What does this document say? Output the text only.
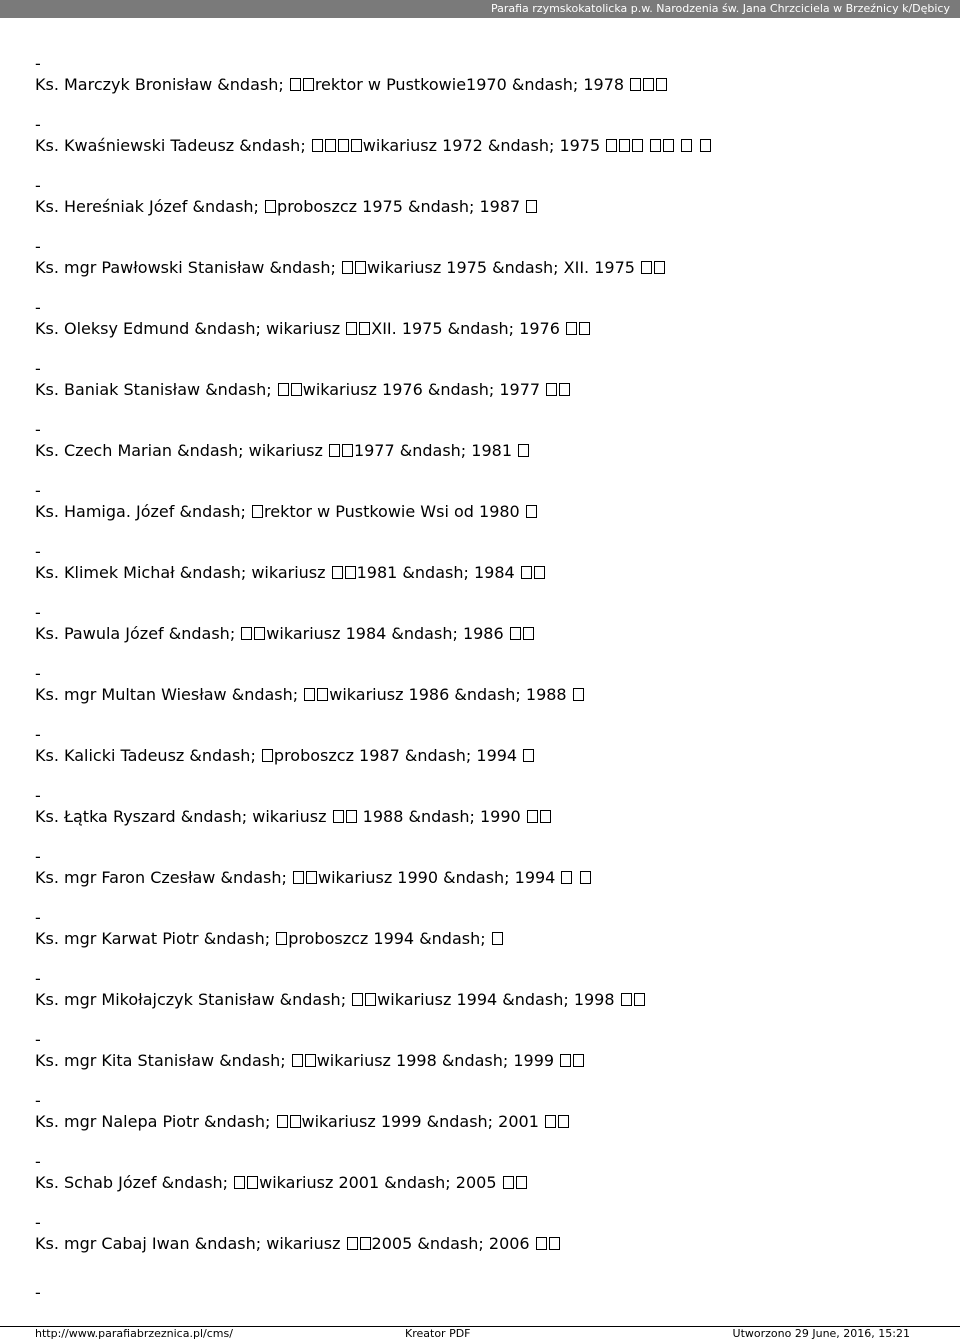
Parafia rzymskokatolicka p.w. Narodzenia św. Jana Chrzciciela w Brzeźnicy k/Dębicy
-
Ks. Marczyk Bronisław &ndash; rektor w Pustkowie1970 &ndash; 1978
-
Ks. Kwaśniewski Tadeusz &ndash;	wikariusz 1972 &ndash; 1975
-
Ks. Hereśniak Józef &ndash; proboszcz 1975 &ndash; 1987
-
Ks. mgr Pawłowski Stanisław &ndash; wikariusz 1975 &ndash; XII. 1975
-
Ks. Oleksy Edmund &ndash; wikariusz XII. 1975 &ndash; 1976
-
Ks. Baniak Stanisław &ndash; wikariusz 1976 &ndash; 1977
-
Ks. Czech Marian &ndash; wikariusz 1977 &ndash; 1981
-
Ks. Hamiga. Józef &ndash; rektor w Pustkowie Wsi od 1980
-
Ks. Klimek Michał &ndash; wikariusz 1981 &ndash; 1984
-
Ks. Pawula Józef &ndash; wikariusz 1984 &ndash; 1986
-
Ks. mgr Multan Wiesław &ndash; wikariusz 1986 &ndash; 1988
-
Ks. Kalicki Tadeusz &ndash; proboszcz 1987 &ndash; 1994
-
Ks. Łątka Ryszard &ndash; wikariusz  1988 &ndash; 1990
-
Ks. mgr Faron Czesław &ndash; wikariusz 1990 &ndash; 1994
-
Ks. mgr Karwat Piotr &ndash; proboszcz 1994 &ndash;
-
Ks. mgr Mikołajczyk Stanisław &ndash; wikariusz 1994 &ndash; 1998
-
Ks. mgr Kita Stanisław &ndash; wikariusz 1998 &ndash; 1999
-
Ks. mgr Nalepa Piotr &ndash; wikariusz 1999 &ndash; 2001
-
Ks. Schab Józef &ndash; wikariusz 2001 &ndash; 2005
-
Ks. mgr Cabaj Iwan &ndash; wikariusz 2005 &ndash; 2006
-
http://www.parafiabrzeznica.pl/cms/	Kreator PDF	Utworzono 29 June, 2016, 15:21
